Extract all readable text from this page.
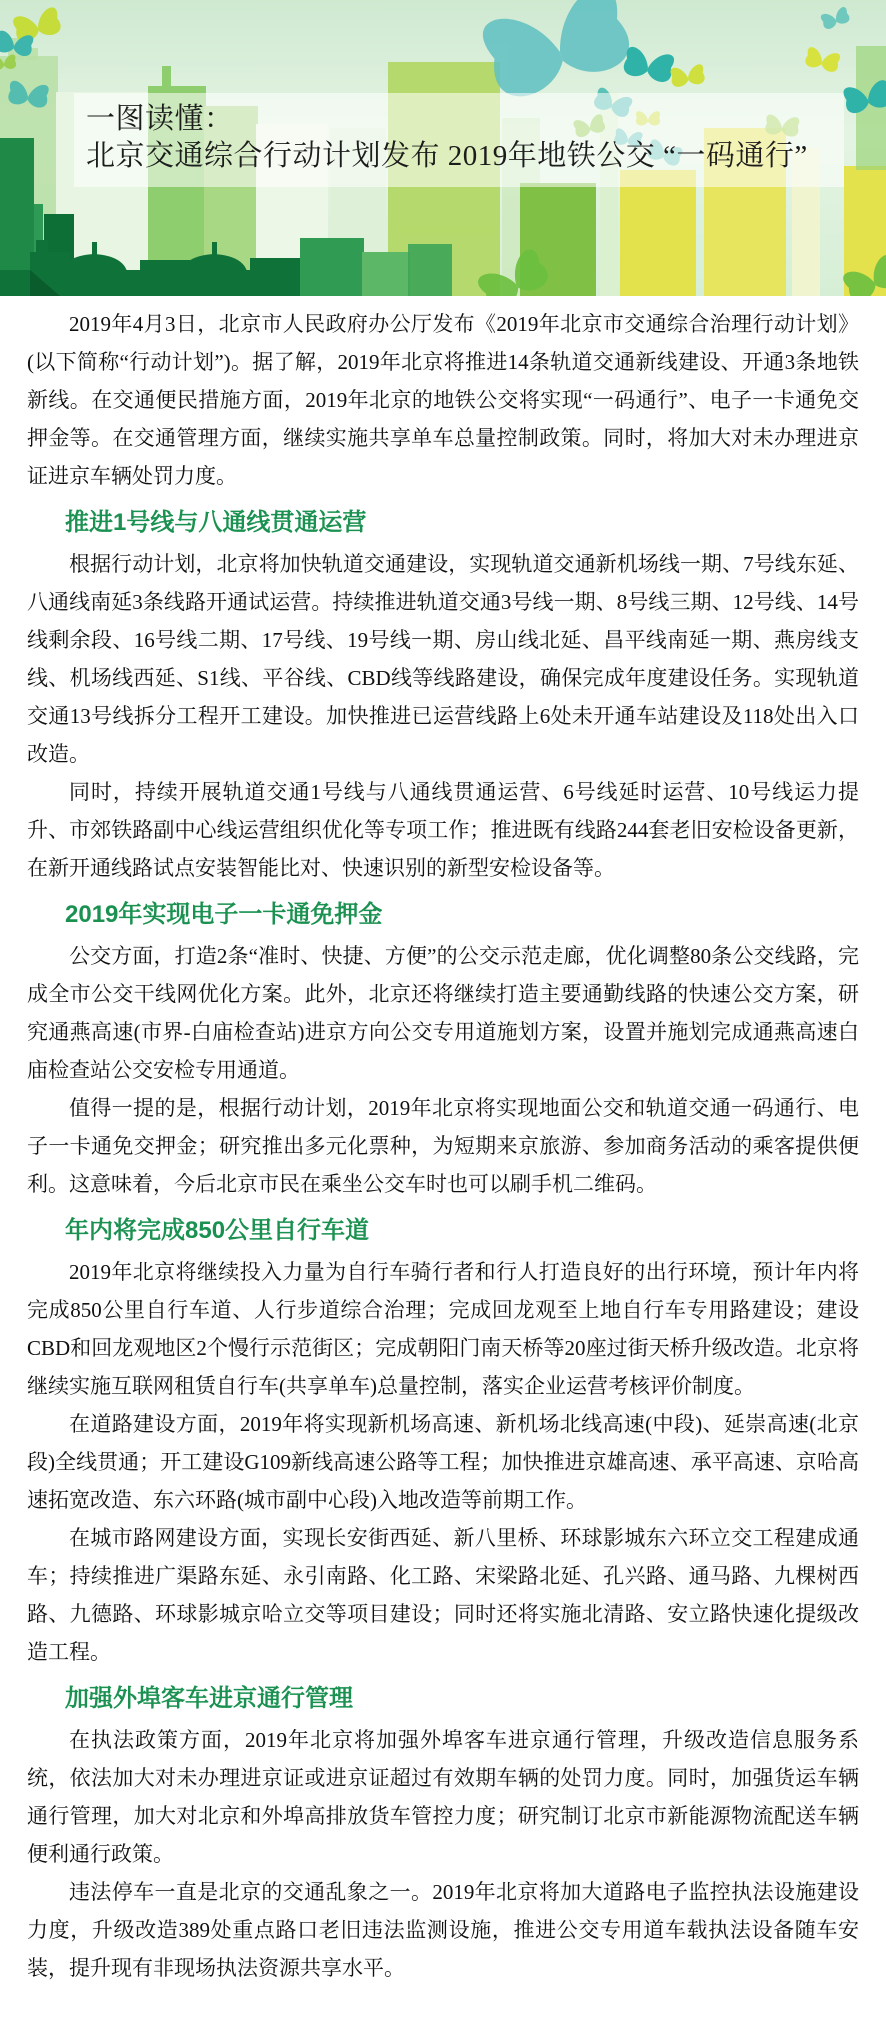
一图读懂：
北京交通综合行动计划发布 2019年地铁公交 “一码通行”

2019年4月3日，北京市人民政府办公厅发布《2019年北京市交通综合治理行动计划》(以下简称“行动计划”)。据了解，2019年北京将推进14条轨道交通新线建设、开通3条地铁新线。在交通便民措施方面，2019年北京的地铁公交将实现“一码通行”、电子一卡通免交押金等。在交通管理方面，继续实施共享单车总量控制政策。同时，将加大对未办理进京证进京车辆处罚力度。

推进1号线与八通线贯通运营

根据行动计划，北京将加快轨道交通建设，实现轨道交通新机场线一期、7号线东延、八通线南延3条线路开通试运营。持续推进轨道交通3号线一期、8号线三期、12号线、14号线剩余段、16号线二期、17号线、19号线一期、房山线北延、昌平线南延一期、燕房线支线、机场线西延、S1线、平谷线、CBD线等线路建设，确保完成年度建设任务。实现轨道交通13号线拆分工程开工建设。加快推进已运营线路上6处未开通车站建设及118处出入口改造。

同时，持续开展轨道交通1号线与八通线贯通运营、6号线延时运营、10号线运力提升、市郊铁路副中心线运营组织优化等专项工作；推进既有线路244套老旧安检设备更新，在新开通线路试点安装智能比对、快速识别的新型安检设备等。

2019年实现电子一卡通免押金

公交方面，打造2条“准时、快捷、方便”的公交示范走廊，优化调整80条公交线路，完成全市公交干线网优化方案。此外，北京还将继续打造主要通勤线路的快速公交方案，研究通燕高速(市界-白庙检查站)进京方向公交专用道施划方案，设置并施划完成通燕高速白庙检查站公交安检专用通道。

值得一提的是，根据行动计划，2019年北京将实现地面公交和轨道交通一码通行、电子一卡通免交押金；研究推出多元化票种，为短期来京旅游、参加商务活动的乘客提供便利。这意味着，今后北京市民在乘坐公交车时也可以刷手机二维码。

年内将完成850公里自行车道

2019年北京将继续投入力量为自行车骑行者和行人打造良好的出行环境，预计年内将完成850公里自行车道、人行步道综合治理；完成回龙观至上地自行车专用路建设；建设CBD和回龙观地区2个慢行示范街区；完成朝阳门南天桥等20座过街天桥升级改造。北京将继续实施互联网租赁自行车(共享单车)总量控制，落实企业运营考核评价制度。

在道路建设方面，2019年将实现新机场高速、新机场北线高速(中段)、延崇高速(北京段)全线贯通；开工建设G109新线高速公路等工程；加快推进京雄高速、承平高速、京哈高速拓宽改造、东六环路(城市副中心段)入地改造等前期工作。

在城市路网建设方面，实现长安街西延、新八里桥、环球影城东六环立交工程建成通车；持续推进广渠路东延、永引南路、化工路、宋梁路北延、孔兴路、通马路、九棵树西路、九德路、环球影城京哈立交等项目建设；同时还将实施北清路、安立路快速化提级改造工程。

加强外埠客车进京通行管理

在执法政策方面，2019年北京将加强外埠客车进京通行管理，升级改造信息服务系统，依法加大对未办理进京证或进京证超过有效期车辆的处罚力度。同时，加强货运车辆通行管理，加大对北京和外埠高排放货车管控力度；研究制订北京市新能源物流配送车辆便利通行政策。

违法停车一直是北京的交通乱象之一。2019年北京将加大道路电子监控执法设施建设力度，升级改造389处重点路口老旧违法监测设施，推进公交专用道车载执法设备随车安装，提升现有非现场执法资源共享水平。
